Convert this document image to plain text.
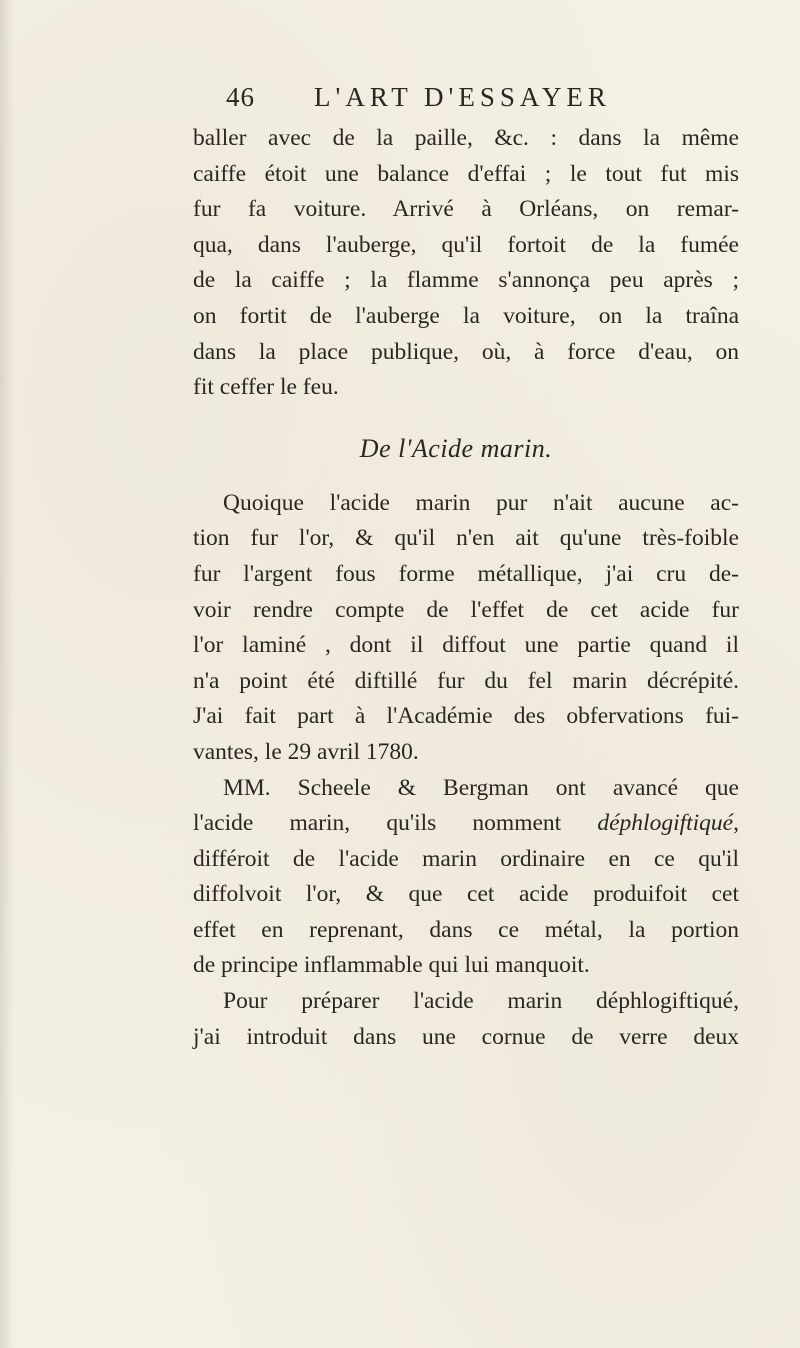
46 L'ART D'ESSAYER
baller avec de la paille, &c. : dans la même
caiffe étoit une balance d'effai ; le tout fut mis
fur fa voiture. Arrivé à Orléans, on remar-
qua, dans l'auberge, qu'il fortoit de la fumée
de la caiffe ; la flamme s'annonça peu après ;
on fortit de l'auberge la voiture, on la traîna
dans la place publique, où, à force d'eau, on
fit ceffer le feu.
De l'Acide marin.
Quoique l'acide marin pur n'ait aucune ac-
tion fur l'or, & qu'il n'en ait qu'une très-foible
fur l'argent fous forme métallique, j'ai cru de-
voir rendre compte de l'effet de cet acide fur
l'or laminé , dont il diffout une partie quand il
n'a point été diftillé fur du fel marin décrépité.
J'ai fait part à l'Académie des obfervations fui-
vantes, le 29 avril 1780.
MM. Scheele & Bergman ont avancé que
l'acide marin, qu'ils nomment déphlogiftiqué,
différoit de l'acide marin ordinaire en ce qu'il
diffolvoit l'or, & que cet acide produifoit cet
effet en reprenant, dans ce métal, la portion
de principe inflammable qui lui manquoit.
Pour préparer l'acide marin déphlogiftiqué,
j'ai introduit dans une cornue de verre deux
